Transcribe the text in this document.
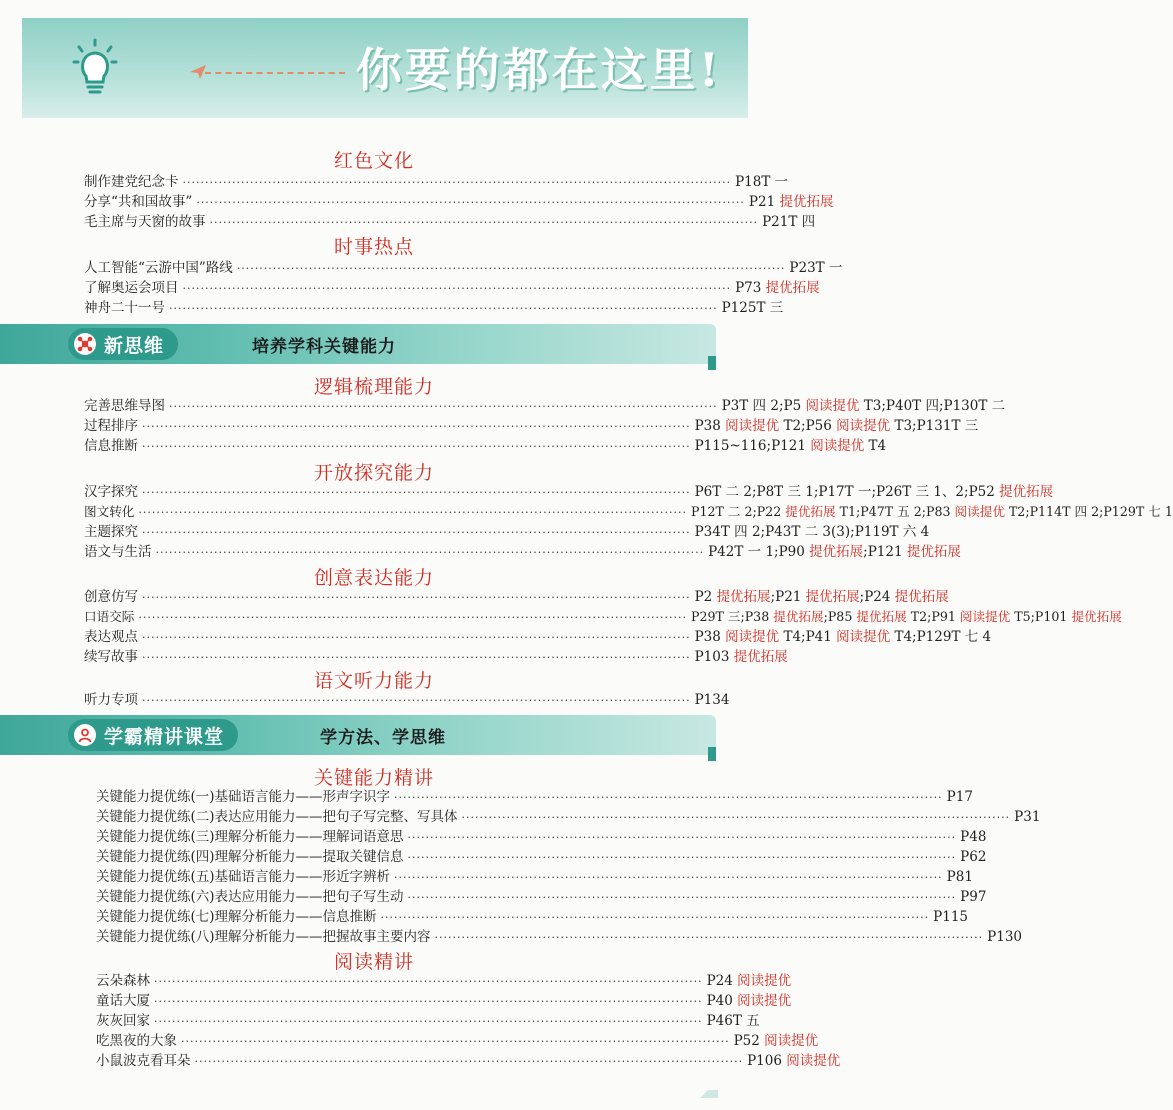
你要的都在这里!
红色文化
制作建党纪念卡 ·························································································································· P18T 一
分享“共和国故事” ·························································································································· P21 提优拓展
毛主席与天窗的故事 ·························································································································· P21T 四
时事热点
人工智能“云游中国”路线 ·························································································································· P23T 一
了解奥运会项目 ·························································································································· P73 提优拓展
神舟二十一号 ·························································································································· P125T 三
新思维	培养学科关键能力
逻辑梳理能力
完善思维导图 ·························································································································· P3T 四 2;P5 阅读提优 T3;P40T 四;P130T 二
过程排序 ·························································································································· P38 阅读提优 T2;P56 阅读提优 T3;P131T 三
信息推断 ·························································································································· P115~116;P121 阅读提优 T4
开放探究能力
汉字探究 ·························································································································· P6T 二 2;P8T 三 1;P17T 一;P26T 三 1、2;P52 提优拓展
图文转化 ·························································································································· P12T 二 2;P22 提优拓展 T1;P47T 五 2;P83 阅读提优 T2;P114T 四 2;P129T 七 1
主题探究 ·························································································································· P34T 四 2;P43T 二 3(3);P119T 六 4
语文与生活 ·························································································································· P42T 一 1;P90 提优拓展;P121 提优拓展
创意表达能力
创意仿写 ·························································································································· P2 提优拓展;P21 提优拓展;P24 提优拓展
口语交际 ·························································································································· P29T 三;P38 提优拓展;P85 提优拓展 T2;P91 阅读提优 T5;P101 提优拓展
表达观点 ·························································································································· P38 阅读提优 T4;P41 阅读提优 T4;P129T 七 4
续写故事 ·························································································································· P103 提优拓展
语文听力能力
听力专项 ·························································································································· P134
学霸精讲课堂	学方法、学思维
关键能力精讲
关键能力提优练(一)基础语言能力——形声字识字 ·························································································································· P17
关键能力提优练(二)表达应用能力——把句子写完整、写具体 ·························································································································· P31
关键能力提优练(三)理解分析能力——理解词语意思 ·························································································································· P48
关键能力提优练(四)理解分析能力——提取关键信息 ·························································································································· P62
关键能力提优练(五)基础语言能力——形近字辨析 ·························································································································· P81
关键能力提优练(六)表达应用能力——把句子写生动 ·························································································································· P97
关键能力提优练(七)理解分析能力——信息推断 ·························································································································· P115
关键能力提优练(八)理解分析能力——把握故事主要内容 ·························································································································· P130
阅读精讲
云朵森林 ·························································································································· P24 阅读提优
童话大厦 ·························································································································· P40 阅读提优
灰灰回家 ·························································································································· P46T 五
吃黑夜的大象 ·························································································································· P52 阅读提优
小鼠波克看耳朵 ·························································································································· P106 阅读提优
